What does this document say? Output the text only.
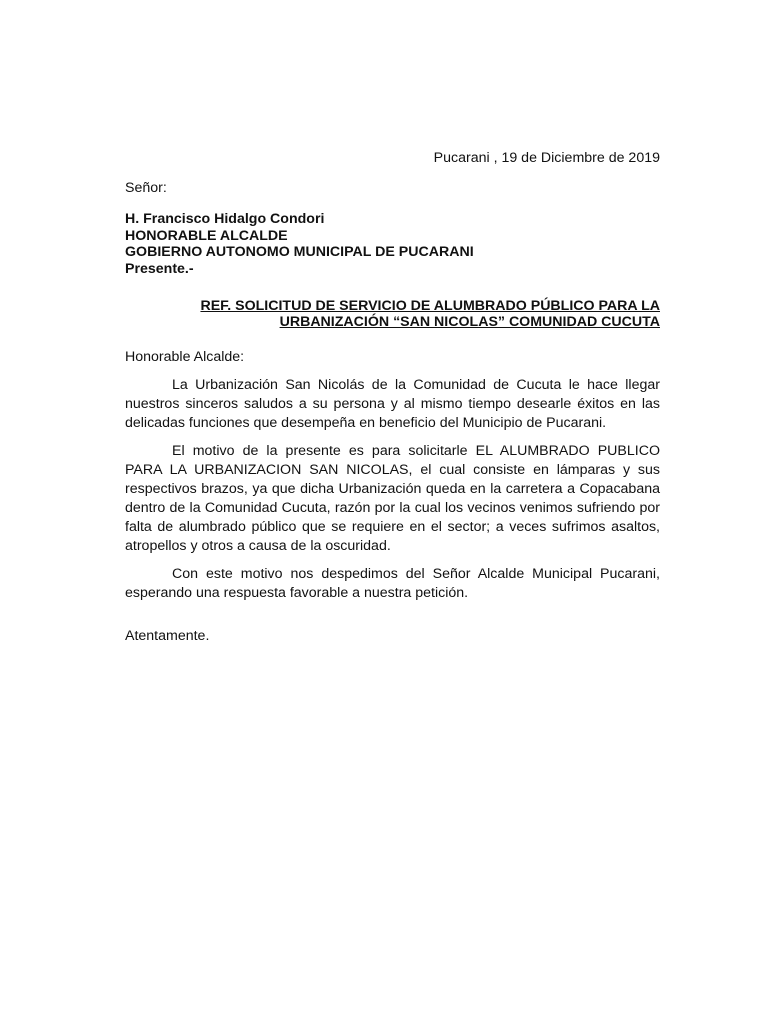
Pucarani , 19 de Diciembre de 2019

Señor:

H. Francisco Hidalgo Condori
HONORABLE ALCALDE
GOBIERNO AUTONOMO MUNICIPAL DE PUCARANI
Presente.-
REF. SOLICITUD DE SERVICIO DE ALUMBRADO PÚBLICO PARA LA
URBANIZACIÓN “SAN NICOLAS” COMUNIDAD CUCUTA

Honorable Alcalde:

La Urbanización San Nicolás de la Comunidad de Cucuta le hace llegar nuestros sinceros saludos a su persona y al mismo tiempo desearle éxitos en las delicadas funciones que desempeña en beneficio del Municipio de Pucarani.

El motivo de la presente es para solicitarle EL ALUMBRADO PUBLICO PARA LA URBANIZACION SAN NICOLAS, el cual consiste en lámparas y sus respectivos brazos, ya que dicha Urbanización queda en la carretera a Copacabana dentro de la Comunidad Cucuta, razón por la cual los vecinos venimos sufriendo por falta de alumbrado público que se requiere en el sector; a veces sufrimos asaltos, atropellos y otros a causa de la oscuridad.

Con este motivo nos despedimos del Señor Alcalde Municipal Pucarani, esperando una respuesta favorable a nuestra petición.

Atentamente.
